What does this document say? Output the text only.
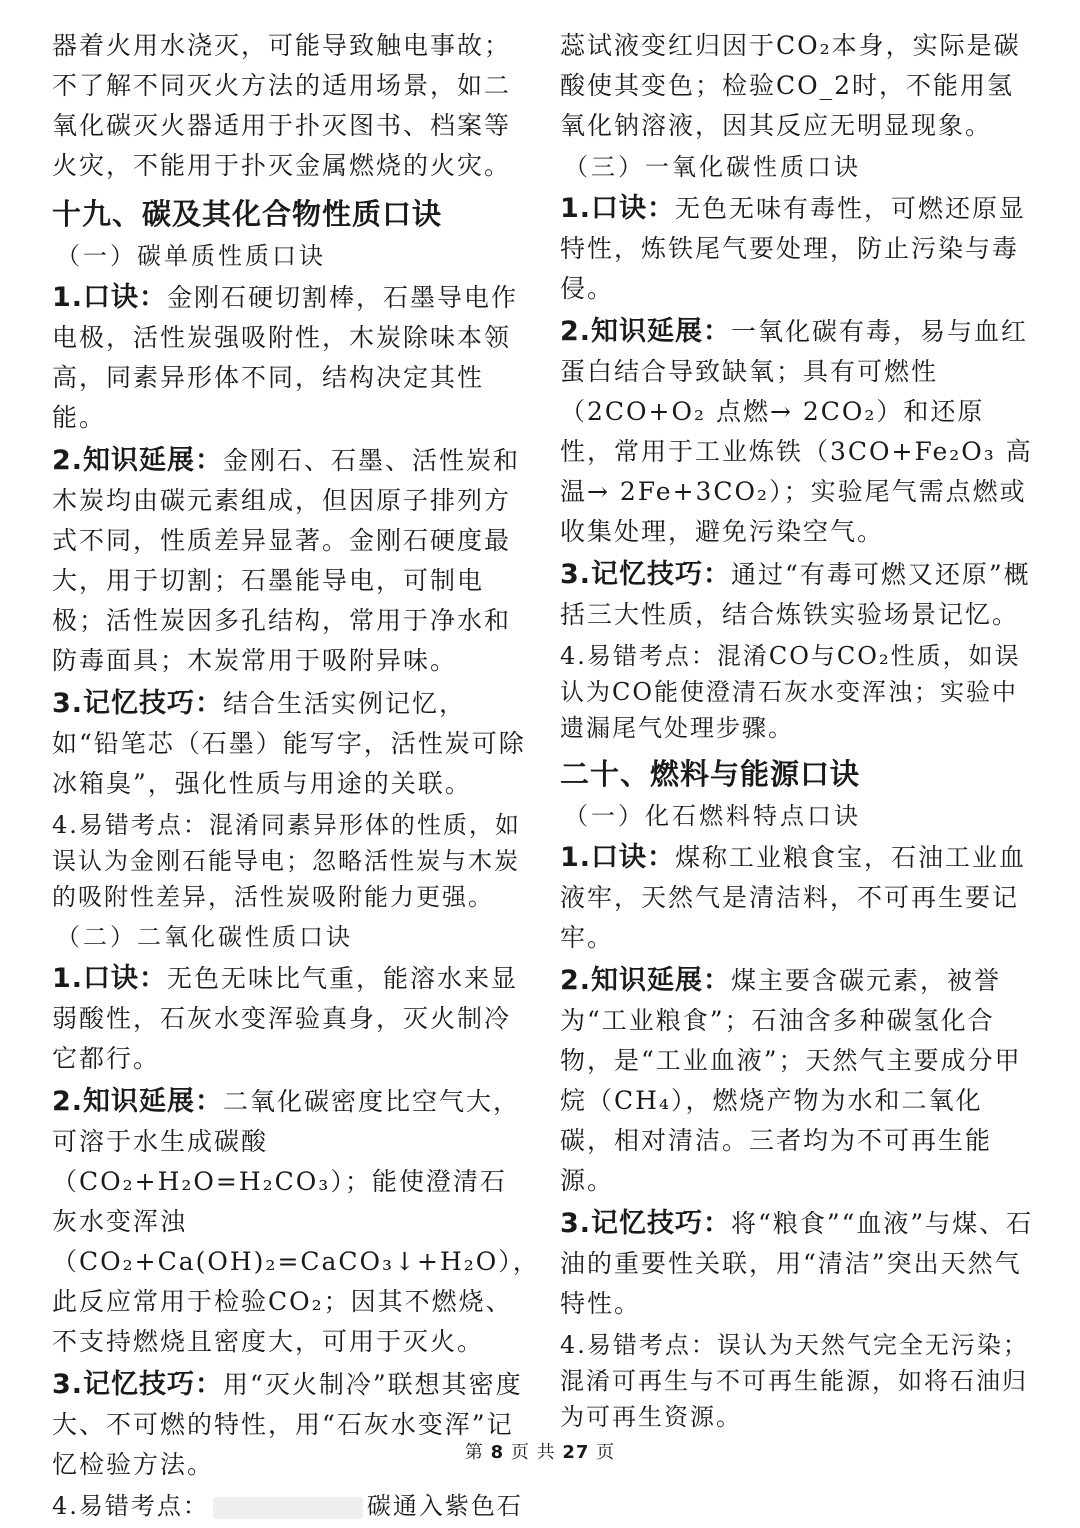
器着火用水浇灭，可能导致触电事故；不了解不同灭火方法的适用场景，如二氧化碳灭火器适用于扑灭图书、档案等火灾，不能用于扑灭金属燃烧的火灾。

十九、碳及其化合物性质口诀
（一）碳单质性质口诀

1.口诀：金刚石硬切割棒，石墨导电作电极，活性炭强吸附性，木炭除味本领高，同素异形体不同，结构决定其性能。

2.知识延展：金刚石、石墨、活性炭和木炭均由碳元素组成，但因原子排列方式不同，性质差异显著。金刚石硬度最大，用于切割；石墨能导电，可制电极；活性炭因多孔结构，常用于净水和防毒面具；木炭常用于吸附异味。

3.记忆技巧：结合生活实例记忆，如“铅笔芯（石墨）能写字，活性炭可除冰箱臭”，强化性质与用途的关联。

4.易错考点：混淆同素异形体的性质，如误认为金刚石能导电；忽略活性炭与木炭的吸附性差异，活性炭吸附能力更强。

（二）二氧化碳性质口诀

1.口诀：无色无味比气重，能溶水来显弱酸性，石灰水变浑验真身，灭火制冷它都行。

2.知识延展：二氧化碳密度比空气大，可溶于水生成碳酸（CO₂+H₂O=H₂CO₃）；能使澄清石灰水变浑浊（CO₂+Ca(OH)₂=CaCO₃↓+H₂O），此反应常用于检验CO₂；因其不燃烧、不支持燃烧且密度大，可用于灭火。

3.记忆技巧：用“灭火制冷”联想其密度大、不可燃的特性，用“石灰水变浑”记忆检验方法。

4.易错考点：	碳通入紫色石

蕊试液变红归因于CO₂本身，实际是碳酸使其变色；检验CO_2时，不能用氢氧化钠溶液，因其反应无明显现象。

（三）一氧化碳性质口诀

1.口诀：无色无味有毒性，可燃还原显特性，炼铁尾气要处理，防止污染与毒侵。

2.知识延展：一氧化碳有毒，易与血红蛋白结合导致缺氧；具有可燃性（2CO+O₂ 点燃→ 2CO₂）和还原性，常用于工业炼铁（3CO+Fe₂O₃ 高温→ 2Fe+3CO₂）；实验尾气需点燃或收集处理，避免污染空气。

3.记忆技巧：通过“有毒可燃又还原”概括三大性质，结合炼铁实验场景记忆。

4.易错考点：混淆CO与CO₂性质，如误认为CO能使澄清石灰水变浑浊；实验中遗漏尾气处理步骤。

二十、燃料与能源口诀
（一）化石燃料特点口诀

1.口诀：煤称工业粮食宝，石油工业血液牢，天然气是清洁料，不可再生要记牢。

2.知识延展：煤主要含碳元素，被誉为“工业粮食”；石油含多种碳氢化合物，是“工业血液”；天然气主要成分甲烷（CH₄），燃烧产物为水和二氧化碳，相对清洁。三者均为不可再生能源。

3.记忆技巧：将“粮食”“血液”与煤、石油的重要性关联，用“清洁”突出天然气特性。

4.易错考点：误认为天然气完全无污染；混淆可再生与不可再生能源，如将石油归为可再生资源。

第 8 页 共 27 页
